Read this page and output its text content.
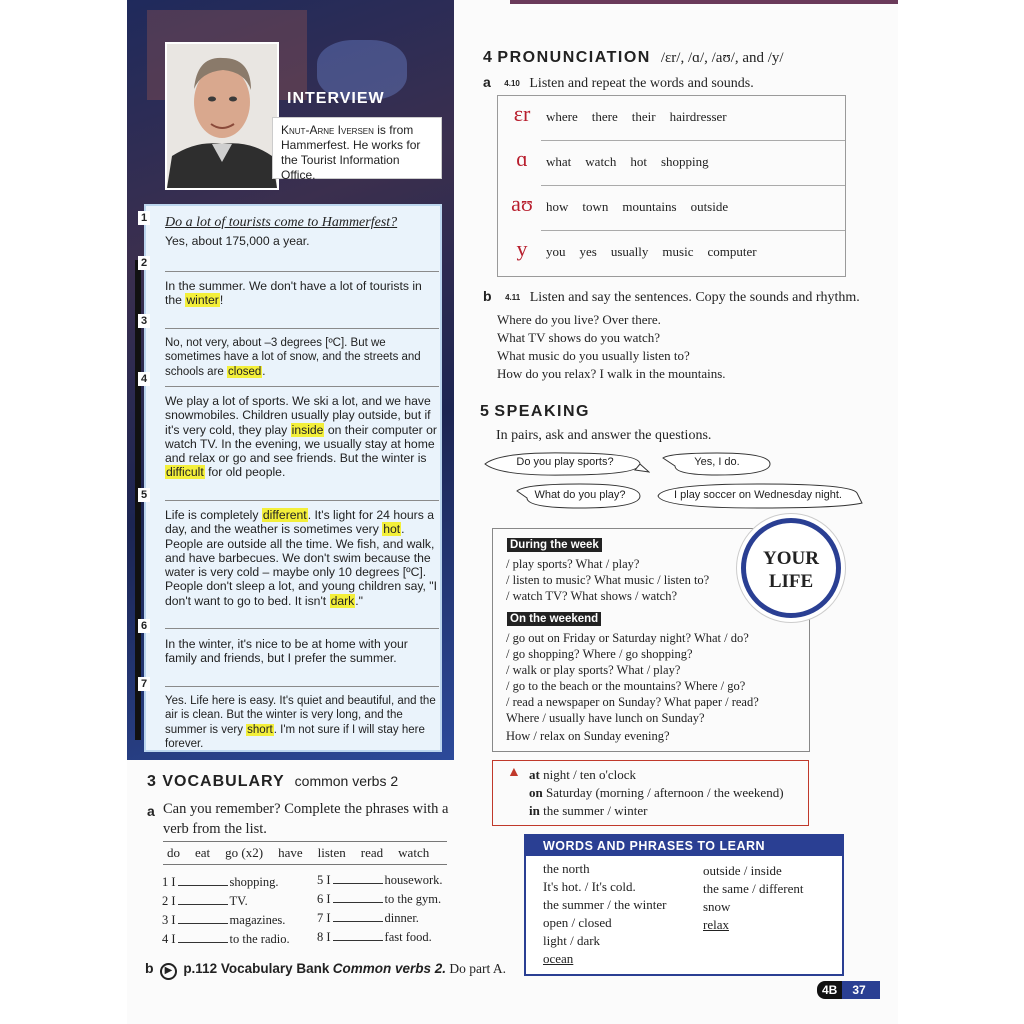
INTERVIEW
Knut-Arne Iversen is from Hammerfest. He works for the Tourist Information Office.
1
2
3
4
5
6
7
Do a lot of tourists come to Hammerfest?
Yes, about 175,000 a year.
In the summer. We don't have a lot of tourists in the winter!
No, not very, about –3 degrees [ºC]. But we sometimes have a lot of snow, and the streets and schools are closed.
We play a lot of sports. We ski a lot, and we have snowmobiles. Children usually play outside, but if it's very cold, they play inside on their computer or watch TV. In the evening, we usually stay at home and relax or go and see friends. But the winter is difficult for old people.
Life is completely different. It's light for 24 hours a day, and the weather is sometimes very hot. People are outside all the time. We fish, and walk, and have barbecues. We don't swim because the water is very cold – maybe only 10 degrees [ºC]. People don't sleep a lot, and young children say, "I don't want to go to bed. It isn't dark."
In the winter, it's nice to be at home with your family and friends, but I prefer the summer.
Yes. Life here is easy. It's quiet and beautiful, and the air is clean. But the winter is very long, and the summer is very short. I'm not sure if I will stay here forever.
3 VOCABULARY common verbs 2
a Can you remember? Complete the phrases with a verb from the list.
do eat go (x2) have listen read watch
1 I	shopping.
2 I	TV.
3 I	magazines.
4 I	to the radio.
5 I	housework.
6 I	to the gym.
7 I	dinner.
8 I	fast food.
b ▶ p.112 Vocabulary Bank Common verbs 2. Do part A.
4 PRONUNCIATION /ɛr/, /ɑ/, /aʊ/, and /y/
a 4.10 Listen and repeat the words and sounds.
ɛr	where there their hairdresser
ɑ	what watch hot shopping
aʊ	how town mountains outside
y	you yes usually music computer
b 4.11 Listen and say the sentences. Copy the sounds and rhythm.
Where do you live? Over there.
What TV shows do you watch?
What music do you usually listen to?
How do you relax? I walk in the mountains.
5 SPEAKING
In pairs, ask and answer the questions.
Do you play sports?	Yes, I do.
What do you play?	I play soccer on Wednesday night.
During the week
/ play sports? What / play?
/ listen to music? What music / listen to?
/ watch TV? What shows / watch?
On the weekend
/ go out on Friday or Saturday night? What / do?
/ go shopping? Where / go shopping?
/ walk or play sports? What / play?
/ go to the beach or the mountains? Where / go?
/ read a newspaper on Sunday? What paper / read?
Where / usually have lunch on Sunday?
How / relax on Sunday evening?
YOUR
LIFE
▲ at night / ten o'clock
on Saturday (morning / afternoon / the weekend)
in the summer / winter
WORDS AND PHRASES TO LEARN
the north
It's hot. / It's cold.
the summer / the winter
open / closed
light / dark
ocean
outside / inside
the same / different
snow
relax
4B 37
